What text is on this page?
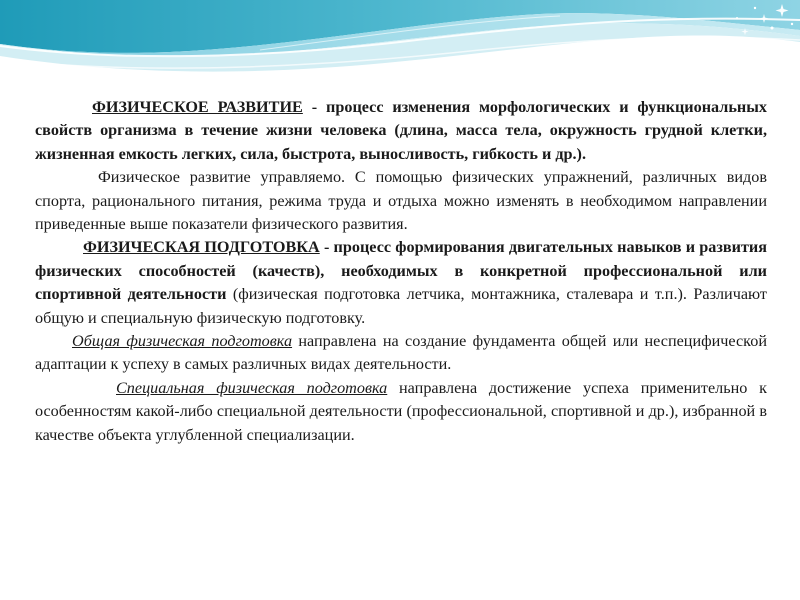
ФИЗИЧЕСКОЕ РАЗВИТИЕ - процесс изменения морфологических и функциональных свойств организма в течение жизни человека (длина, масса тела, окружность грудной клетки, жизненная емкость легких, сила, быстрота, выносливость, гибкость и др.).

Физическое развитие управляемо. С помощью физических упражнений, различных видов спорта, рационального питания, режима труда и отдыха можно изменять в необходимом направлении приведенные выше показатели физического развития.

ФИЗИЧЕСКАЯ ПОДГОТОВКА - процесс формирования двигательных навыков и развития физических способностей (качеств), необходимых в конкретной профессиональной или спортивной деятельности (физическая подготовка летчика, монтажника, сталевара и т.п.). Различают общую и специальную физическую подготовку.

Общая физическая подготовка направлена на создание фундамента общей или неспецифической адаптации к успеху в самых различных видах деятельности.

Специальная физическая подготовка направлена достижение успеха применительно к особенностям какой-либо специальной деятельности (профессиональной, спортивной и др.), избранной в качестве объекта углубленной специализации.
